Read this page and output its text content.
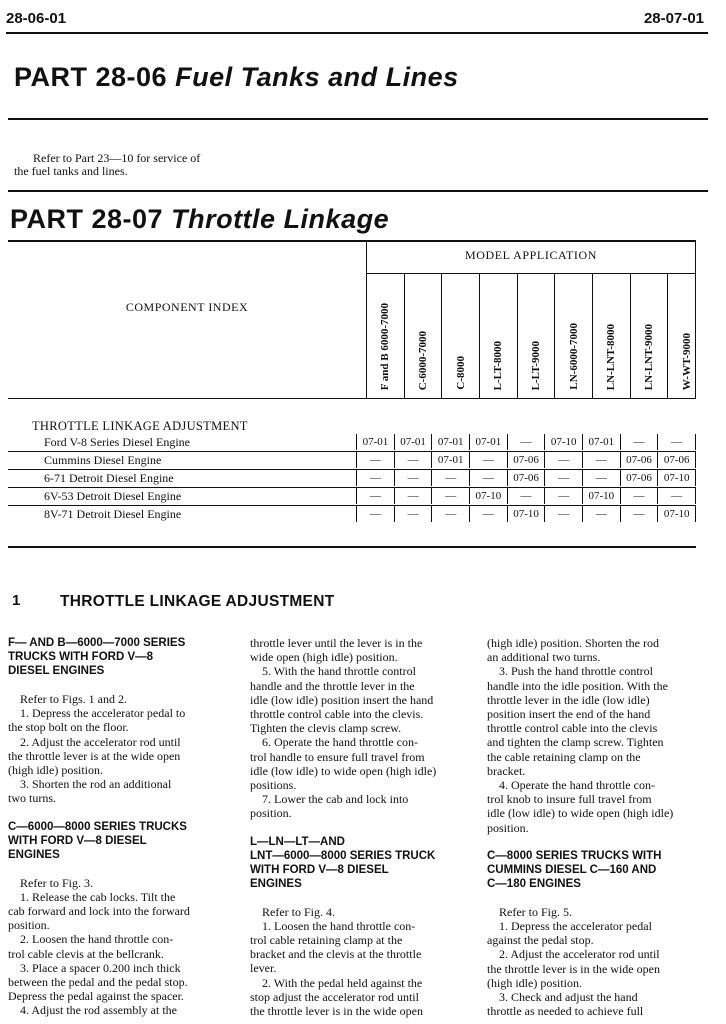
28-06-01	28-07-01
PART 28-06 Fuel Tanks and Lines
Refer to Part 23—10 for service of
the fuel tanks and lines.
PART 28-07 Throttle Linkage
MODEL APPLICATION
COMPONENT INDEX	F and B 6000-7000 C-6000-7000 C-8000 L-LT-8000 L-LT-9000 LN-6000-7000 LN-LNT-8000 LN-LNT-9000 W-WT-9000
THROTTLE LINKAGE ADJUSTMENT
Ford V-8 Series Diesel Engine	07-01	07-01	07-01	07-01	—	07-10	07-01	—	—
Cummins Diesel Engine	—	—	07-01	—	07-06	—	—	07-06	07-06
6-71 Detroit Diesel Engine	—	—	—	—	07-06	—	—	07-06	07-10
6V-53 Detroit Diesel Engine	—	—	—	07-10	—	—	07-10	—	—
8V-71 Detroit Diesel Engine	—	—	—	—	07-10	—	—	—	07-10
1	THROTTLE LINKAGE ADJUSTMENT

F— AND B—6000—7000 SERIES

TRUCKS WITH FORD V—8

DIESEL ENGINES

Refer to Figs. 1 and 2.

1. Depress the accelerator pedal to

the stop bolt on the floor.

2. Adjust the accelerator rod until

the throttle lever is at the wide open

(high idle) position.

3. Shorten the rod an additional

two turns.

C—6000—8000 SERIES TRUCKS

WITH FORD V—8 DIESEL

ENGINES

Refer to Fig. 3.

1. Release the cab locks. Tilt the

cab forward and lock into the forward

position.

2. Loosen the hand throttle con-

trol cable clevis at the bellcrank.

3. Place a spacer 0.200 inch thick

between the pedal and the pedal stop.

Depress the pedal against the spacer.

4. Adjust the rod assembly at the

throttle lever until the lever is in the

wide open (high idle) position.

5. With the hand throttle control

handle and the throttle lever in the

idle (low idle) position insert the hand

throttle control cable into the clevis.

Tighten the clevis clamp screw.

6. Operate the hand throttle con-

trol handle to ensure full travel from

idle (low idle) to wide open (high idle)

positions.

7. Lower the cab and lock into

position.

L—LN—LT—AND

LNT—6000—8000 SERIES TRUCK

WITH FORD V—8 DIESEL

ENGINES

Refer to Fig. 4.

1. Loosen the hand throttle con-

trol cable retaining clamp at the

bracket and the clevis at the throttle

lever.

2. With the pedal held against the

stop adjust the accelerator rod until

the throttle lever is in the wide open

(high idle) position. Shorten the rod

an additional two turns.

3. Push the hand throttle control

handle into the idle position. With the

throttle lever in the idle (low idle)

position insert the end of the hand

throttle control cable into the clevis

and tighten the clamp screw. Tighten

the cable retaining clamp on the

bracket.

4. Operate the hand throttle con-

trol knob to insure full travel from

idle (low idle) to wide open (high idle)

position.

C—8000 SERIES TRUCKS WITH

CUMMINS DIESEL C—160 AND

C—180 ENGINES

Refer to Fig. 5.

1. Depress the accelerator pedal

against the pedal stop.

2. Adjust the accelerator rod until

the throttle lever is in the wide open

(high idle) position.

3. Check and adjust the hand

throttle as needed to achieve full
